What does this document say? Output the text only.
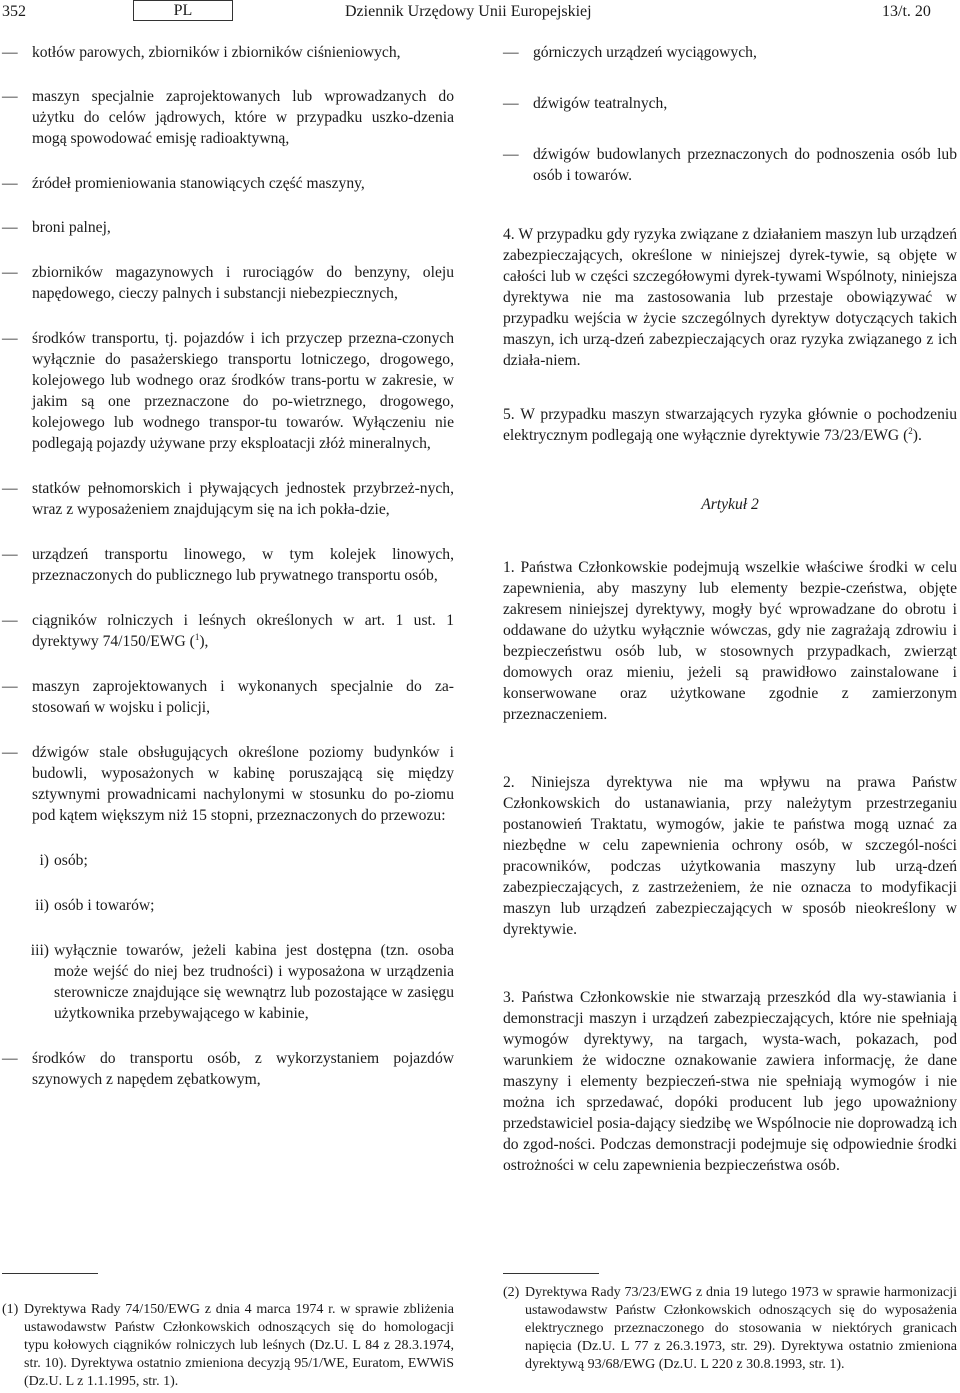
352	PL	Dziennik Urzędowy Unii Europejskiej	13/t. 20
— kotłów parowych, zbiorników i zbiorników ciśnieniowych,
— maszyn specjalnie zaprojektowanych lub wprowadzanych do użytku do celów jądrowych, które w przypadku uszko-dzenia mogą spowodować emisję radioaktywną,
— źródeł promieniowania stanowiących część maszyny,
— broni palnej,
— zbiorników magazynowych i rurociągów do benzyny, oleju napędowego, cieczy palnych i substancji niebezpiecznych,
— środków transportu, tj. pojazdów i ich przyczep przezna-czonych wyłącznie do pasażerskiego transportu lotniczego, drogowego, kolejowego lub wodnego oraz środków trans-portu w zakresie, w jakim są one przeznaczone do po-wietrznego, drogowego, kolejowego lub wodnego transpor-tu towarów. Wyłączeniu nie podlegają pojazdy używane przy eksploatacji złóż mineralnych,
— statków pełnomorskich i pływających jednostek przybrzeż-nych, wraz z wyposażeniem znajdującym się na ich pokła-dzie,
— urządzeń transportu linowego, w tym kolejek linowych, przeznaczonych do publicznego lub prywatnego transportu osób,
— ciągników rolniczych i leśnych określonych w art. 1 ust. 1 dyrektywy 74/150/EWG ($^1$),
— maszyn zaprojektowanych i wykonanych specjalnie do za-stosowań w wojsku i policji,
— dźwigów stale obsługujących określone poziomy budynków i budowli, wyposażonych w kabinę poruszającą się między sztywnymi prowadnicami nachylonymi w stosunku do po-ziomu pod kątem większym niż 15 stopni, przeznaczonych do przewozu:
i) osób;
ii) osób i towarów;
iii) wyłącznie towarów, jeżeli kabina jest dostępna (tzn. osoba może wejść do niej bez trudności) i wyposażona w urządzenia sterownicze znajdujące się wewnątrz lub pozostające w zasięgu użytkownika przebywającego w kabinie,
— środków do transportu osób, z wykorzystaniem pojazdów szynowych z napędem zębatkowym,
— górniczych urządzeń wyciągowych,
— dźwigów teatralnych,
— dźwigów budowlanych przeznaczonych do podnoszenia osób lub osób i towarów.
4. W przypadku gdy ryzyka związane z działaniem maszyn lub urządzeń zabezpieczających, określone w niniejszej dyrek-tywie, są objęte w całości lub w części szczegółowymi dyrek-tywami Wspólnoty, niniejsza dyrektywa nie ma zastosowania lub przestaje obowiązywać w przypadku wejścia w życie szczególnych dyrektyw dotyczących takich maszyn, ich urzą-dzeń zabezpieczających oraz ryzyka związanego z ich działa-niem.
5. W przypadku maszyn stwarzających ryzyka głównie o pochodzeniu elektrycznym podlegają one wyłącznie dyrektywie 73/23/EWG ($^2$).
Artykuł 2
1. Państwa Członkowskie podejmują wszelkie właściwe środki w celu zapewnienia, aby maszyny lub elementy bezpie-czeństwa, objęte zakresem niniejszej dyrektywy, mogły być wprowadzane do obrotu i oddawane do użytku wyłącznie wówczas, gdy nie zagrażają zdrowiu i bezpieczeństwu osób lub, w stosownych przypadkach, zwierząt domowych oraz mieniu, jeżeli są prawidłowo zainstalowane i konserwowane oraz użytkowane zgodnie z zamierzonym przeznaczeniem.
2. Niniejsza dyrektywa nie ma wpływu na prawa Państw Członkowskich do ustanawiania, przy należytym przestrzeganiu postanowień Traktatu, wymogów, jakie te państwa mogą uznać za niezbędne w celu zapewnienia ochrony osób, w szczegól-ności pracowników, podczas użytkowania maszyny lub urzą-dzeń zabezpieczających, z zastrzeżeniem, że nie oznacza to modyfikacji maszyn lub urządzeń zabezpieczających w sposób nieokreślony w dyrektywie.
3. Państwa Członkowskie nie stwarzają przeszkód dla wy-stawiania i demonstracji maszyn i urządzeń zabezpieczających, które nie spełniają wymogów dyrektywy, na targach, wysta-wach, pokazach, pod warunkiem że widoczne oznakowanie zawiera informację, że dane maszyny i elementy bezpieczeń-stwa nie spełniają wymogów i nie można ich sprzedawać, dopóki producent lub jego upoważniony przedstawiciel posia-dający siedzibę we Wspólnocie nie doprowadzą ich do zgod-ności. Podczas demonstracji podejmuje się odpowiednie środki ostrożności w celu zapewnienia bezpieczeństwa osób.
(1) Dyrektywa Rady 74/150/EWG z dnia 4 marca 1974 r. w sprawie zbliżenia ustawodawstw Państw Członkowskich odnoszących się do homologacji typu kołowych ciągników rolniczych lub leśnych (Dz.U. L 84 z 28.3.1974, str. 10). Dyrektywa ostatnio zmieniona decyzją 95/1/WE, Euratom, EWWiS (Dz.U. L z 1.1.1995, str. 1).
(2) Dyrektywa Rady 73/23/EWG z dnia 19 lutego 1973 w sprawie harmonizacji ustawodawstw Państw Członkowskich odnoszących się do wyposażenia elektrycznego przeznaczonego do stosowania w niektórych granicach napięcia (Dz.U. L 77 z 26.3.1973, str. 29). Dyrektywa ostatnio zmieniona dyrektywą 93/68/EWG (Dz.U. L 220 z 30.8.1993, str. 1).
